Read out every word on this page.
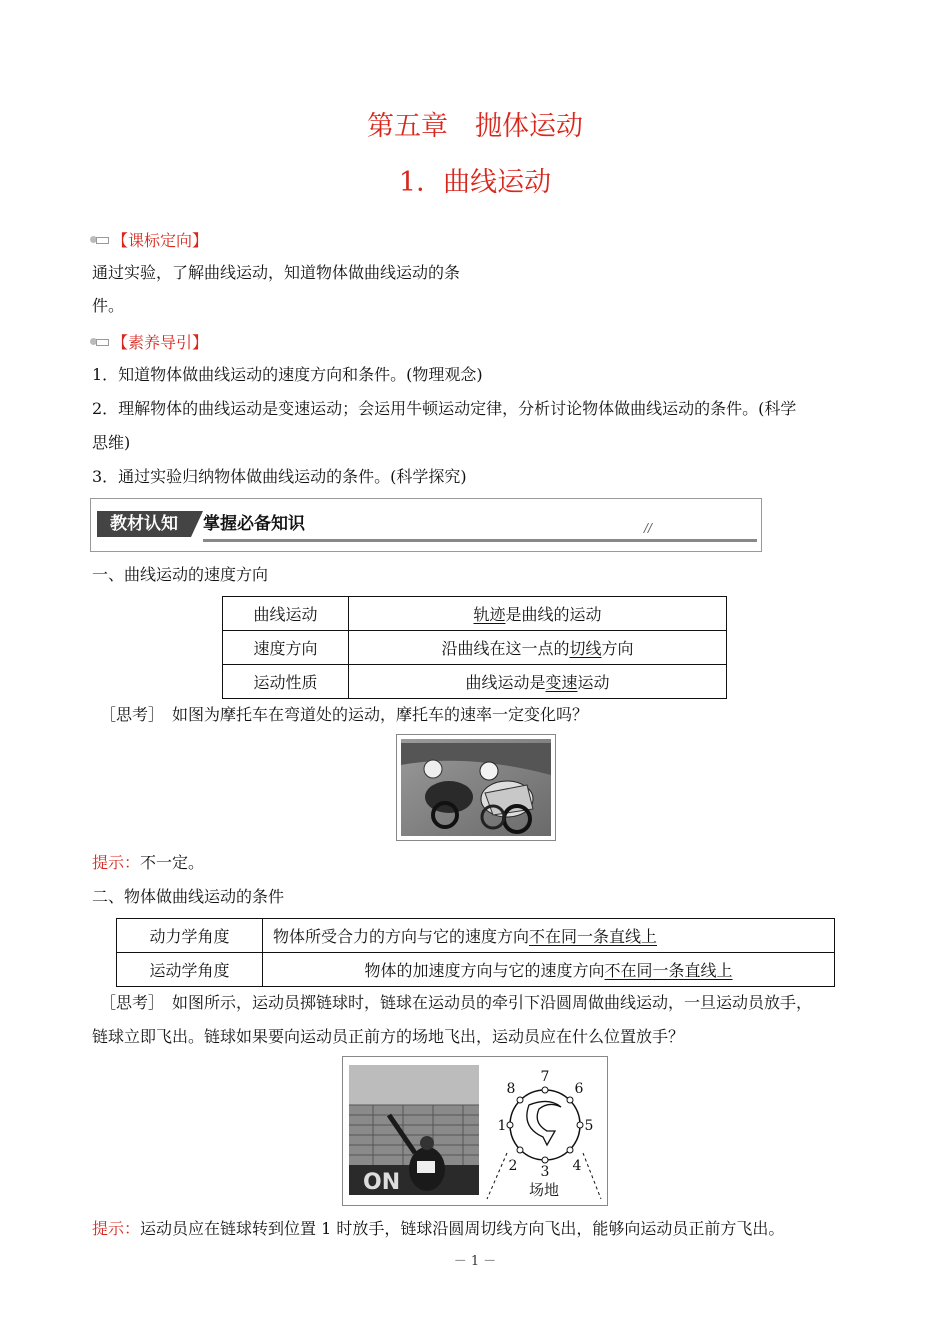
第五章　抛体运动
1．曲线运动
【课标定向】
通过实验，了解曲线运动，知道物体做曲线运动的条
件。
【素养导引】
1．知道物体做曲线运动的速度方向和条件。(物理观念)
2．理解物体的曲线运动是变速运动；会运用牛顿运动定律，分析讨论物体做曲线运动的条件。(科学
思维)
3．通过实验归纳物体做曲线运动的条件。(科学探究)
教材认知	掌握必备知识	//
一、曲线运动的速度方向
曲线运动	轨迹是曲线的运动
速度方向	沿曲线在这一点的切线方向
运动性质	曲线运动是变速运动
［思考］　如图为摩托车在弯道处的运动，摩托车的速率一定变化吗？
提示：不一定。
二、物体做曲线运动的条件
动力学角度	物体所受合力的方向与它的速度方向不在同一条直线上
运动学角度	物体的加速度方向与它的速度方向不在同一条直线上
［思考］　如图所示，运动员掷链球时，链球在运动员的牵引下沿圆周做曲线运动，一旦运动员放手，
链球立即飞出。链球如果要向运动员正前方的场地飞出，运动员应在什么位置放手？
ON
1
2 3 4
5
6
7
8
场地
提示：运动员应在链球转到位置 1 时放手，链球沿圆周切线方向飞出，能够向运动员正前方飞出。
－ 1 －
